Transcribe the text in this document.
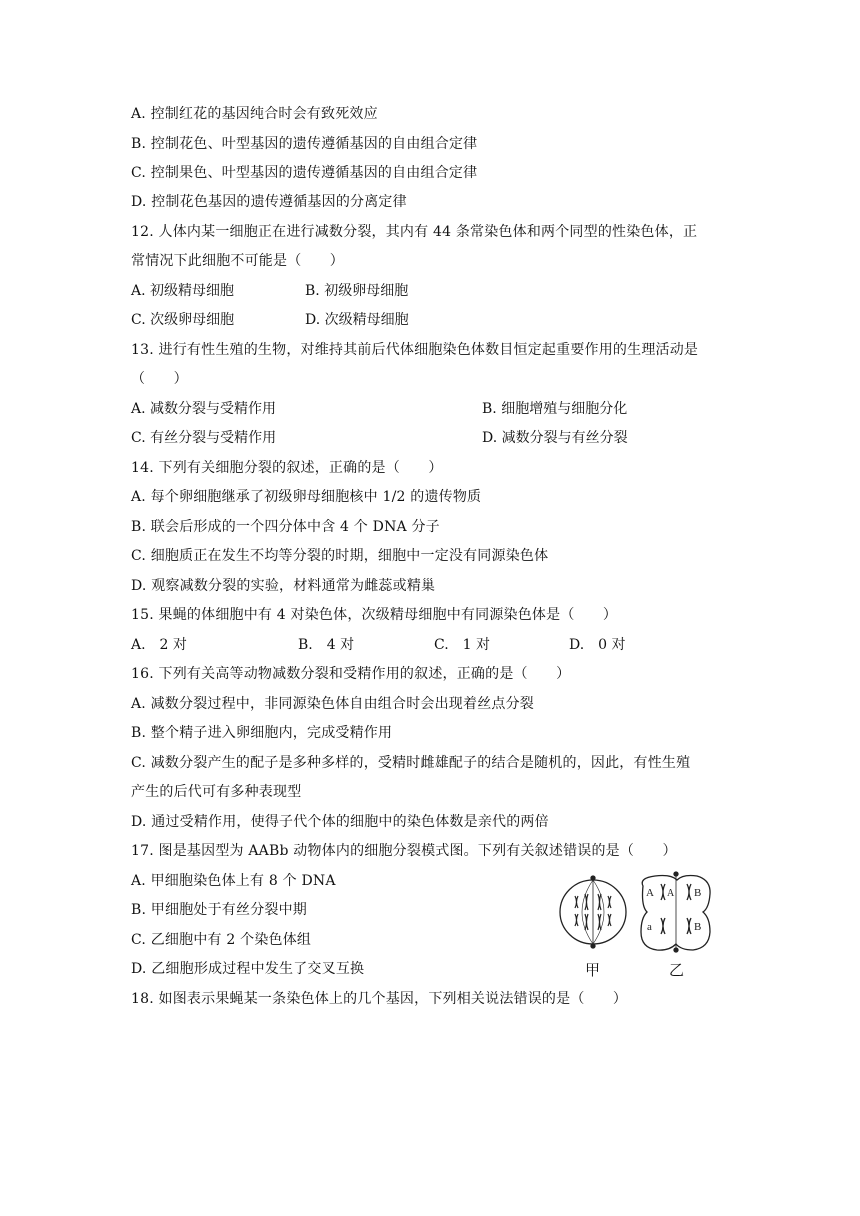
A. 控制红花的基因纯合时会有致死效应
B. 控制花色、叶型基因的遗传遵循基因的自由组合定律
C. 控制果色、叶型基因的遗传遵循基因的自由组合定律
D. 控制花色基因的遗传遵循基因的分离定律
12. 人体内某一细胞正在进行减数分裂，其内有 44 条常染色体和两个同型的性染色体，正
常情况下此细胞不可能是（　　）
A. 初级精母细胞	B. 初级卵母细胞
C. 次级卵母细胞	D. 次级精母细胞
13. 进行有性生殖的生物，对维持其前后代体细胞染色体数目恒定起重要作用的生理活动是
（　　）
A. 减数分裂与受精作用	B. 细胞增殖与细胞分化
C. 有丝分裂与受精作用	D. 减数分裂与有丝分裂
14. 下列有关细胞分裂的叙述，正确的是（　　）
A. 每个卵细胞继承了初级卵母细胞核中 1/2 的遗传物质
B. 联会后形成的一个四分体中含 4 个 DNA 分子
C. 细胞质正在发生不均等分裂的时期，细胞中一定没有同源染色体
D. 观察减数分裂的实验，材料通常为雌蕊或精巢
15. 果蝇的体细胞中有 4 对染色体，次级精母细胞中有同源染色体是（　　）
A.　2 对	B.　4 对	C.　1 对	D.　0 对
16. 下列有关高等动物减数分裂和受精作用的叙述，正确的是（　　）
A. 减数分裂过程中，非同源染色体自由组合时会出现着丝点分裂
B. 整个精子进入卵细胞内，完成受精作用
C. 减数分裂产生的配子是多种多样的，受精时雌雄配子的结合是随机的，因此，有性生殖
产生的后代可有多种表现型
D. 通过受精作用，使得子代个体的细胞中的染色体数是亲代的两倍
17. 图是基因型为 AABb 动物体内的细胞分裂模式图。下列有关叙述错误的是（　　）
A. 甲细胞染色体上有 8 个 DNA
B. 甲细胞处于有丝分裂中期
C. 乙细胞中有 2 个染色体组
D. 乙细胞形成过程中发生了交叉互换
A	B
a	B
A
甲	乙
18. 如图表示果蝇某一条染色体上的几个基因，下列相关说法错误的是（　　）
